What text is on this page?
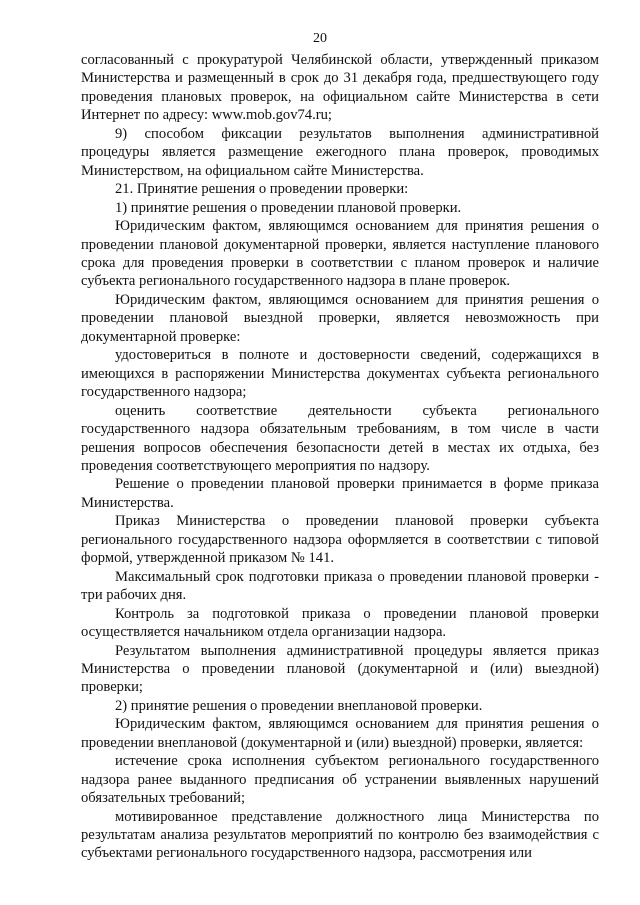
20

согласованный с прокуратурой Челябинской области, утвержденный приказом Министерства и размещенный в срок до 31 декабря года, предшествующего году проведения плановых проверок, на официальном сайте Министерства в сети Интернет по адресу: www.mob.gov74.ru;

9) способом фиксации результатов выполнения административной процедуры является размещение ежегодного плана проверок, проводимых Министерством, на официальном сайте Министерства.

21. Принятие решения о проведении проверки:

1) принятие решения о проведении плановой проверки.

Юридическим фактом, являющимся основанием для принятия решения о проведении плановой документарной проверки, является наступление планового срока для проведения проверки в соответствии с планом проверок и наличие субъекта регионального государственного надзора в плане проверок.

Юридическим фактом, являющимся основанием для принятия решения о проведении плановой выездной проверки, является невозможность при документарной проверке:

удостовериться в полноте и достоверности сведений, содержащихся в имеющихся в распоряжении Министерства документах субъекта регионального государственного надзора;

оценить соответствие деятельности субъекта регионального государственного надзора обязательным требованиям, в том числе в части решения вопросов обеспечения безопасности детей в местах их отдыха, без проведения соответствующего мероприятия по надзору.

Решение о проведении плановой проверки принимается в форме приказа Министерства.

Приказ Министерства о проведении плановой проверки субъекта регионального государственного надзора оформляется в соответствии с типовой формой, утвержденной приказом № 141.

Максимальный срок подготовки приказа о проведении плановой проверки - три рабочих дня.

Контроль за подготовкой приказа о проведении плановой проверки осуществляется начальником отдела организации надзора.

Результатом выполнения административной процедуры является приказ Министерства о проведении плановой (документарной и (или) выездной) проверки;

2) принятие решения о проведении внеплановой проверки.

Юридическим фактом, являющимся основанием для принятия решения о проведении внеплановой (документарной и (или) выездной) проверки, является:

истечение срока исполнения субъектом регионального государственного надзора ранее выданного предписания об устранении выявленных нарушений обязательных требований;

мотивированное представление должностного лица Министерства по результатам анализа результатов мероприятий по контролю без взаимодействия с субъектами регионального государственного надзора, рассмотрения или
